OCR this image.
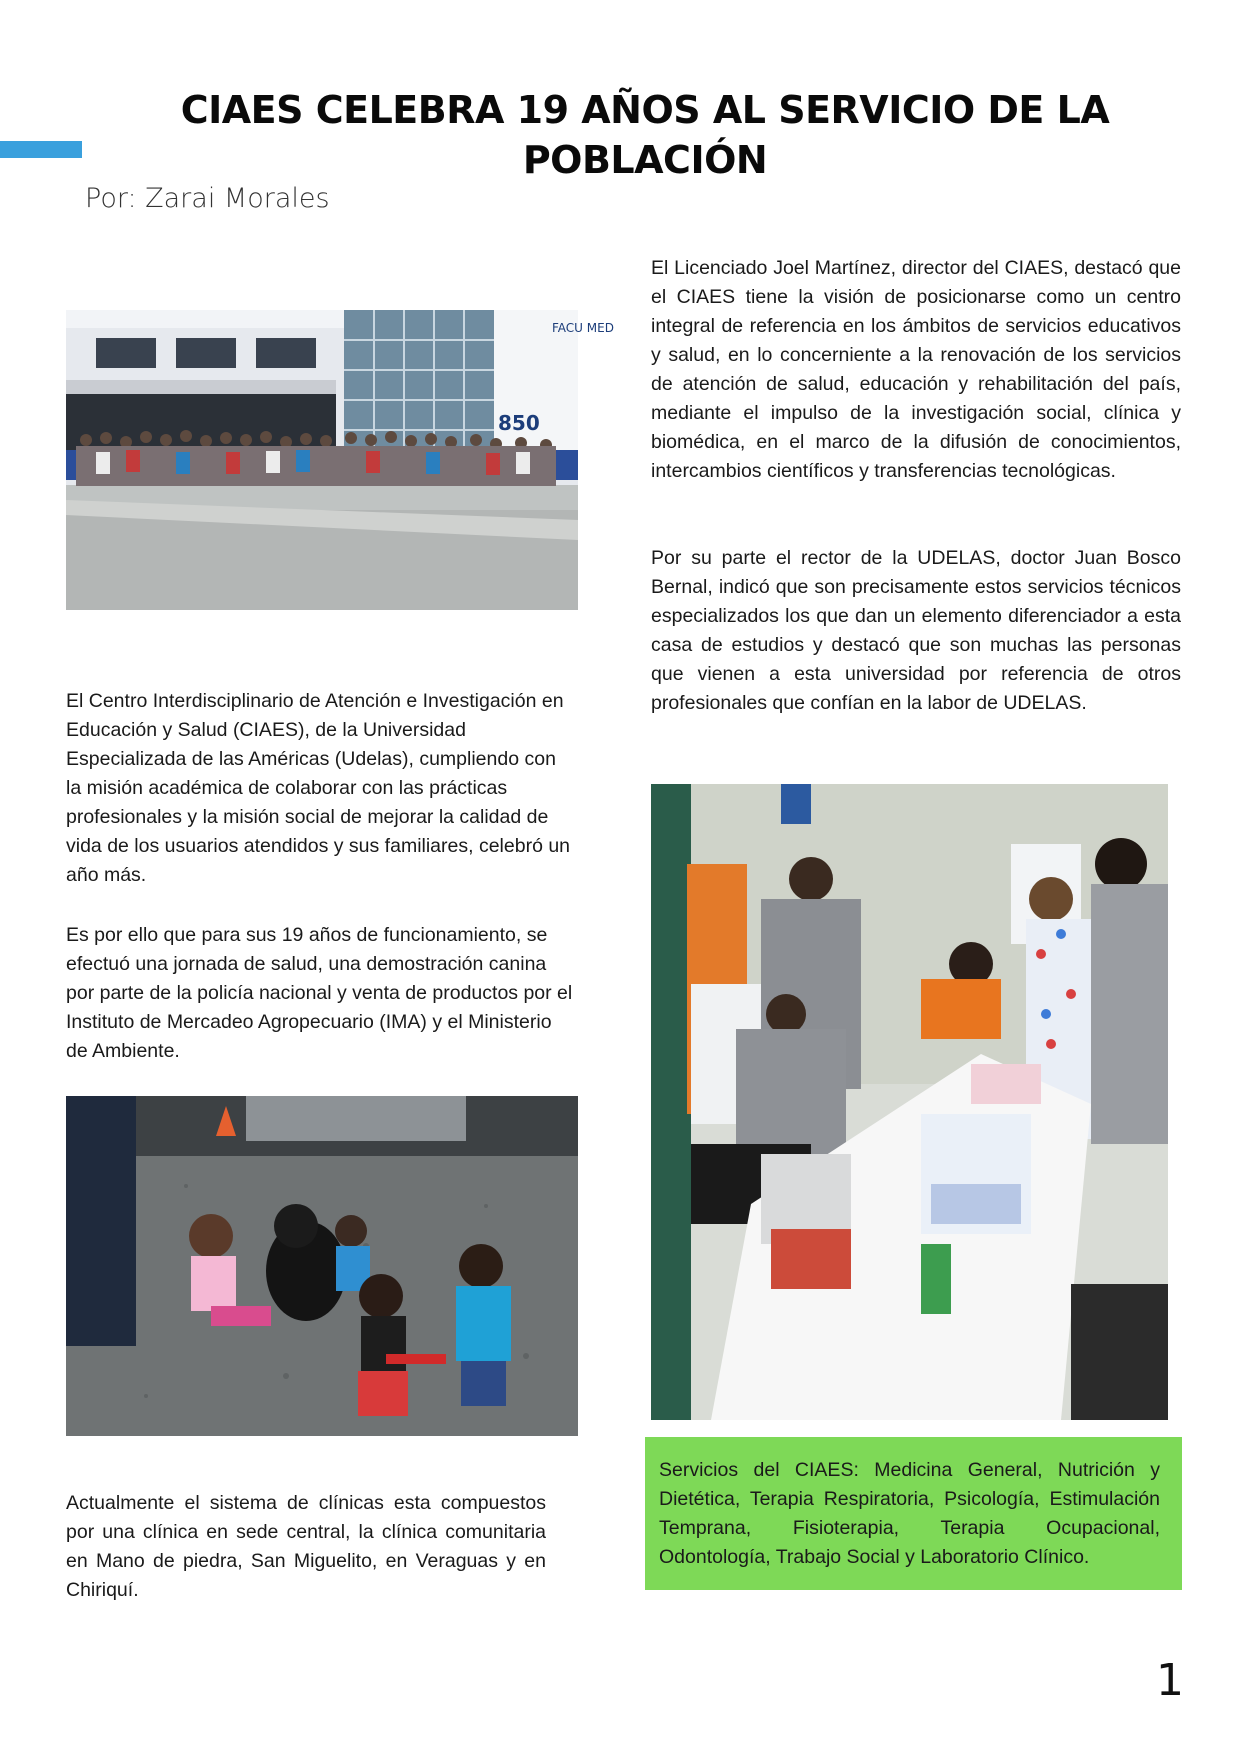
CIAES CELEBRA 19 AÑOS AL SERVICIO DE LA POBLACIÓN
Por: Zarai Morales
FACU MED
850

El Centro Interdisciplinario de Atención e Investigación en Educación y Salud (CIAES), de la Universidad Especializada de las Américas (Udelas), cumpliendo con la misión académica de colaborar con las prácticas profesionales y la misión social de mejorar la calidad de vida de los usuarios atendidos y sus familiares, celebró un año más.

Es por ello que para sus 19 años de funcionamiento, se efectuó una jornada de salud, una demostración canina por parte de la policía nacional y venta de productos por el Instituto de Mercadeo Agropecuario (IMA) y el Ministerio de Ambiente.

Actualmente el sistema de clínicas esta compuestos por una clínica en sede central, la clínica comunitaria en Mano de piedra, San Miguelito, en Veraguas y en Chiriquí.

El Licenciado Joel Martínez, director del CIAES, destacó que el CIAES tiene la visión de posicionarse como un centro integral de referencia en los ámbitos de servicios educativos y salud, en lo concerniente a la renovación de los servicios de atención de salud, educación y rehabilitación del país, mediante el impulso de la investigación social, clínica y biomédica, en el marco de la difusión de conocimientos, intercambios científicos y transferencias tecnológicas.

Por su parte el rector de la UDELAS, doctor Juan Bosco Bernal, indicó que son precisamente estos servicios técnicos especializados los que dan un elemento diferenciador a esta casa de estudios y destacó que son muchas las personas que vienen a esta universidad por referencia de otros profesionales que confían en la labor de UDELAS.

Servicios del CIAES: Medicina General, Nutrición y Dietética, Terapia Respiratoria, Psicología, Estimulación Temprana, Fisioterapia, Terapia Ocupacional, Odontología, Trabajo Social y Laboratorio Clínico.

1
